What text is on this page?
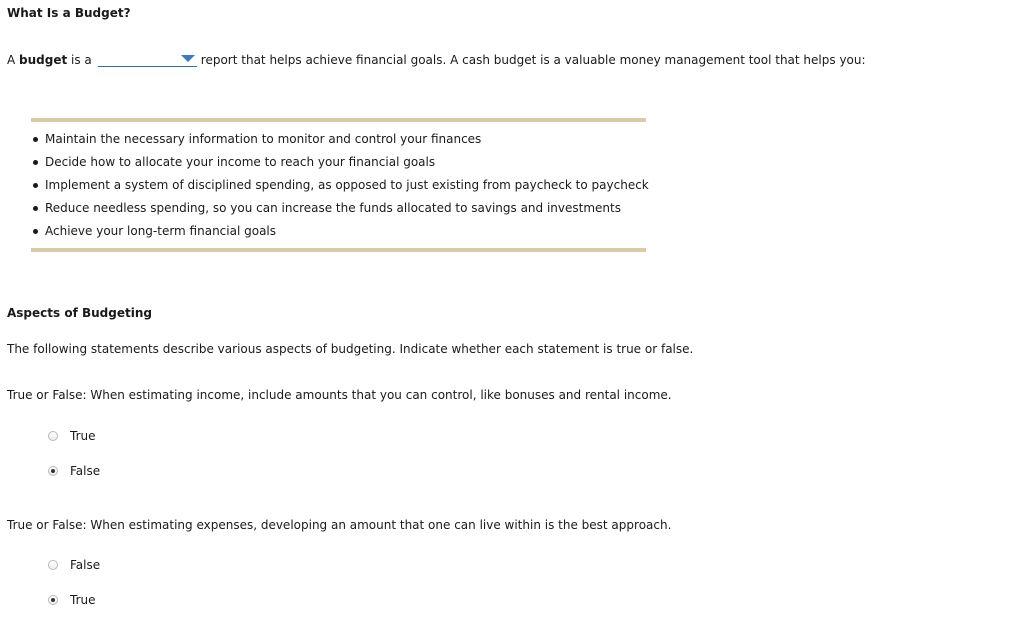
What Is a Budget?
A budget is a	report that helps achieve financial goals. A cash budget is a valuable money management tool that helps you:
Maintain the necessary information to monitor and control your finances
Decide how to allocate your income to reach your financial goals
Implement a system of disciplined spending, as opposed to just existing from paycheck to paycheck
Reduce needless spending, so you can increase the funds allocated to savings and investments
Achieve your long-term financial goals
Aspects of Budgeting
The following statements describe various aspects of budgeting. Indicate whether each statement is true or false.
True or False: When estimating income, include amounts that you can control, like bonuses and rental income.
True
False
True or False: When estimating expenses, developing an amount that one can live within is the best approach.
False
True
